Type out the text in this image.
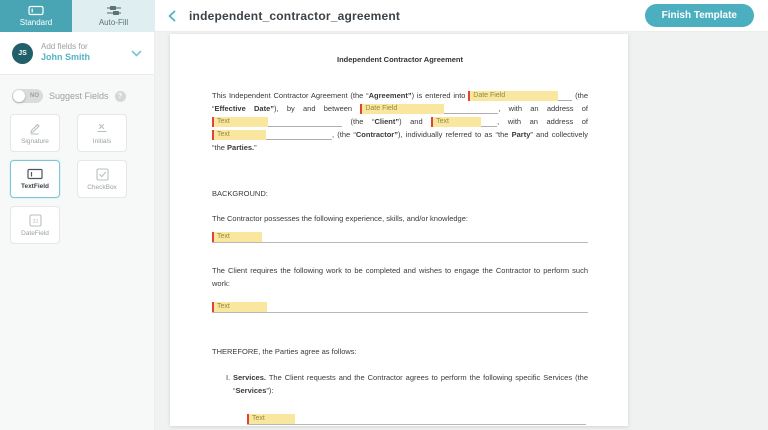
Standard	Auto-Fill	independent_contractor_agreement	Finish Template
JS
Add fields for
John Smith
NO Suggest Fields	?
Signature	Initials
TextField	CheckBox
31
DateField
Independent Contractor Agreement
This Independent Contractor Agreement (the “Agreement”) is entered into Date Field	(the “Effective Date”), by and between Date Field	, with an address of Text	(the “Client”) and Text	, with an address of Text	, (the “Contractor”), individually referred to as “the Party” and collectively “the Parties.”
BACKGROUND:
The Contractor possesses the following experience, skills, and/or knowledge:
Text
The Client requires the following work to be completed and wishes to engage the Contractor to perform such work:
Text
THEREFORE, the Parties agree as follows:
I. Services. The Client requests and the Contractor agrees to perform the following specific Services (the “Services”):
Text
